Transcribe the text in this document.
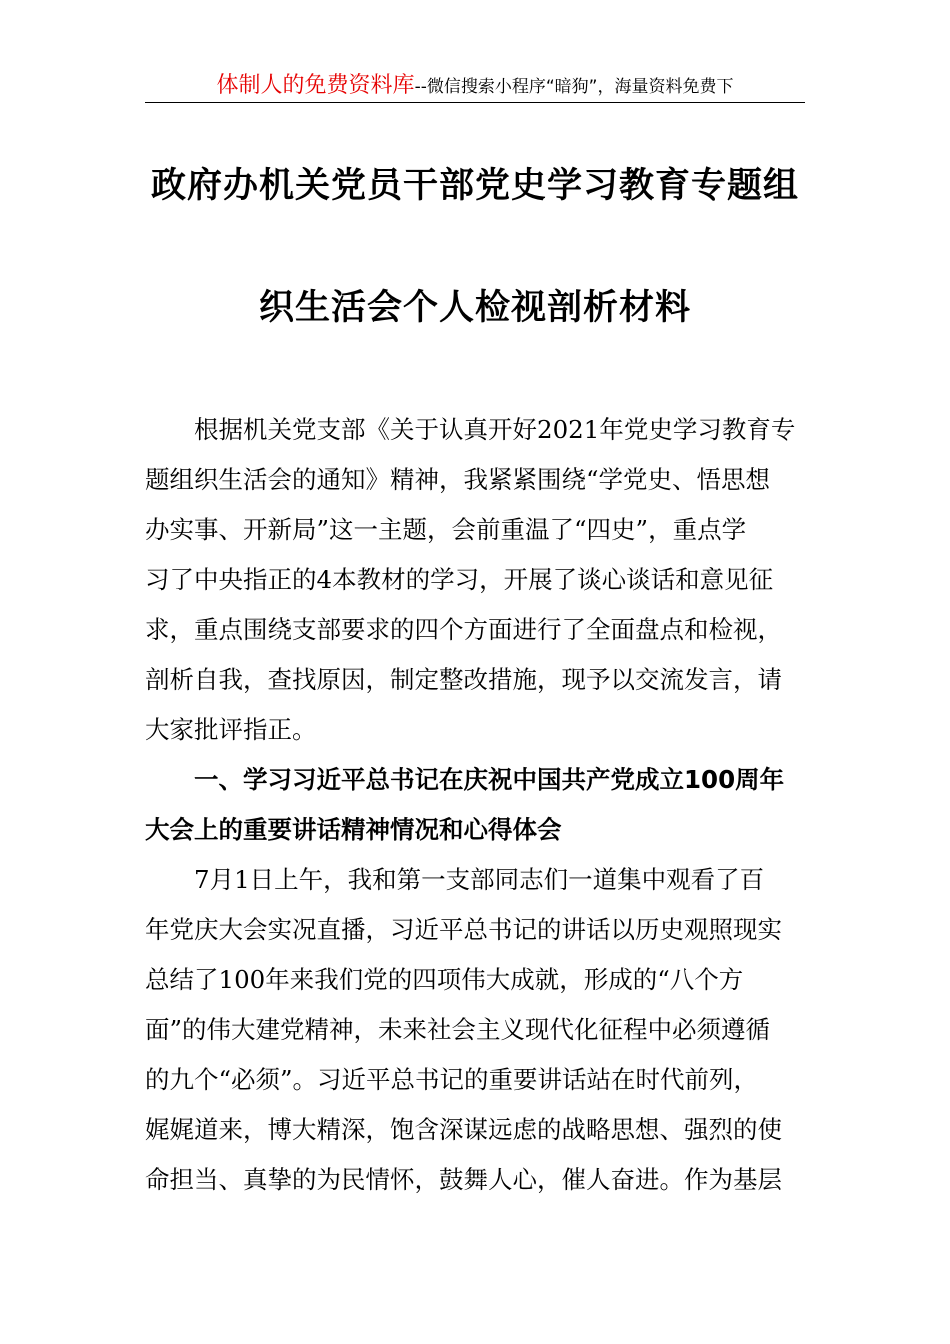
体制人的免费资料库--微信搜索小程序“暗狗”，海量资料免费下
政府办机关党员干部党史学习教育专题组
织生活会个人检视剖析材料
根据机关党支部《关于认真开好2021年党史学习教育专
题组织生活会的通知》精神，我紧紧围绕“学党史、悟思想
办实事、开新局”这一主题，会前重温了“四史”，重点学
习了中央指正的4本教材的学习，开展了谈心谈话和意见征
求，重点围绕支部要求的四个方面进行了全面盘点和检视，
剖析自我，查找原因，制定整改措施，现予以交流发言，请
大家批评指正。
一、学习习近平总书记在庆祝中国共产党成立100周年
大会上的重要讲话精神情况和心得体会
7月1日上午，我和第一支部同志们一道集中观看了百
年党庆大会实况直播，习近平总书记的讲话以历史观照现实
总结了100年来我们党的四项伟大成就，形成的“八个方
面”的伟大建党精神，未来社会主义现代化征程中必须遵循
的九个“必须”。习近平总书记的重要讲话站在时代前列，
娓娓道来，博大精深，饱含深谋远虑的战略思想、强烈的使
命担当、真挚的为民情怀，鼓舞人心，催人奋进。作为基层
